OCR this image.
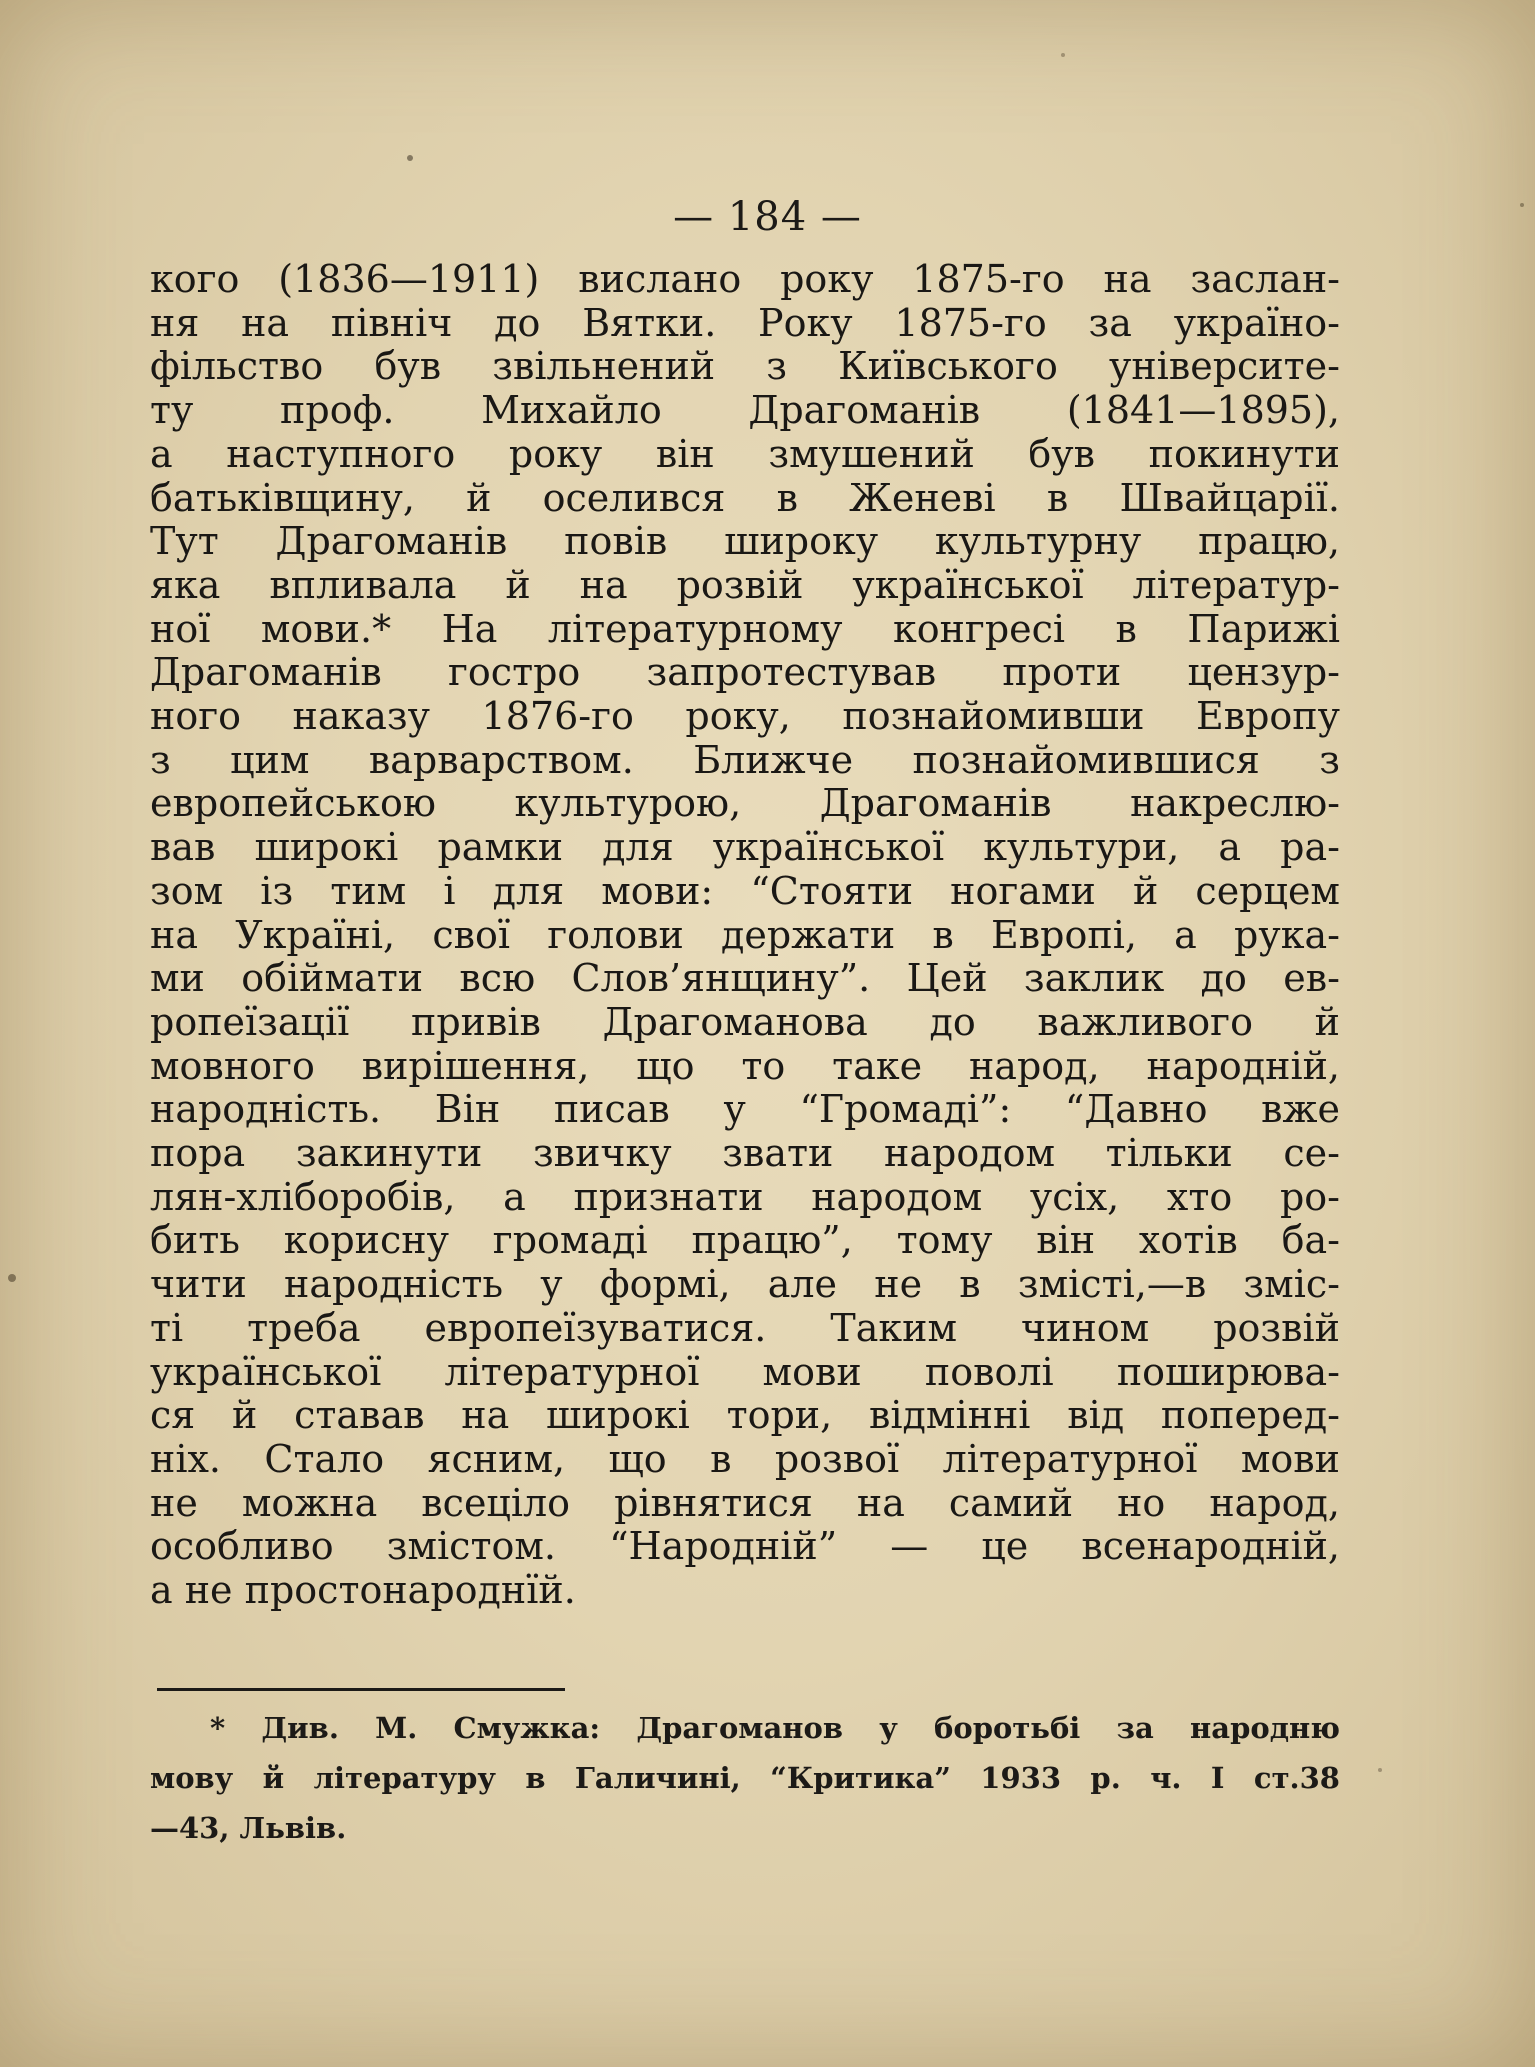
— 184 —
кого (1836—1911) вислано року 1875-го на заслан-
ня на північ до Вятки. Року 1875-го за україно-
фільство був звільнений з Київського університе-
ту проф. Михайло Драгоманів (1841—1895),
а наступного року він змушений був покинути
батьківщину, й оселився в Женеві в Швайцарії.
Тут Драгоманів повів широку культурну працю,
яка впливала й на розвій української літератур-
ної мови.* На літературному конгресі в Парижі
Драгоманів гостро запротестував проти цензур-
ного наказу 1876-го року, познайомивши Европу
з цим варварством. Ближче познайомившися з
европейською культурою, Драгоманів накреслю-
вав широкі рамки для української культури, а ра-
зом із тим і для мови: “Стояти ногами й серцем
на Україні, свої голови держати в Европі, а рука-
ми обіймати всю Слов’янщину”. Цей заклик до ев-
ропеїзації привів Драгоманова до важливого й
мовного вирішення, що то таке народ, народній,
народність. Він писав у “Громаді”: “Давно вже
пора закинути звичку звати народом тільки се-
лян-хліборобів, а признати народом усіх, хто ро-
бить корисну громаді працю”, тому він хотів ба-
чити народність у формі, але не в змісті,—в зміс-
ті треба европеїзуватися. Таким чином розвій
української літературної мови поволі поширюва-
ся й ставав на широкі тори, відмінні від поперед-
ніх. Стало ясним, що в розвої літературної мови
не можна всеціло рівнятися на самий но народ,
особливо змістом. “Народній” — це всенародній,
а не простонароднїй.
* Див. М. Смужка: Драгоманов у боротьбі за народню
мову й літературу в Галичині, “Критика” 1933 р. ч. І ст.38
—43, Львів.
